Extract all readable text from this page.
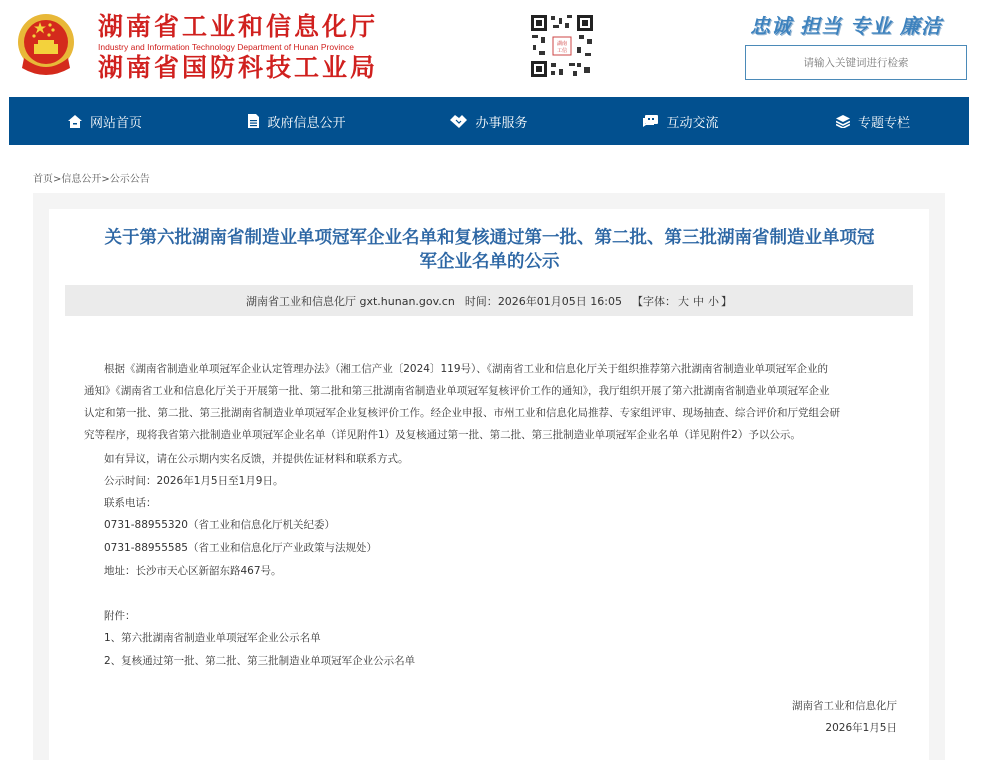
湖南省工业和信息化厅
Industry and Information Technology Department of Hunan Province
湖南省国防科技工业局
湖南
工信
忠诚 担当 专业 廉洁
请输入关键词进行检索
网站首页	政府信息公开	办事服务	互动交流	专题专栏
首页>信息公开>公示公告
关于第六批湖南省制造业单项冠军企业名单和复核通过第一批、第二批、第三批湖南省制造业单项冠
军企业名单的公示
湖南省工业和信息化厅 gxt.hunan.gov.cn 时间：2026年01月05日 16:05 【字体： 大 中 小 】
根据《湖南省制造业单项冠军企业认定管理办法》（湘工信产业〔2024〕119号）、《湖南省工业和信息化厅关于组织推荐第六批湖南省制造业单项冠军企业的
通知》《湖南省工业和信息化厅关于开展第一批、第二批和第三批湖南省制造业单项冠军复核评价工作的通知》，我厅组织开展了第六批湖南省制造业单项冠军企业
认定和第一批、第二批、第三批湖南省制造业单项冠军企业复核评价工作。经企业申报、市州工业和信息化局推荐、专家组评审、现场抽查、综合评价和厅党组会研
究等程序，现将我省第六批制造业单项冠军企业名单（详见附件1）及复核通过第一批、第二批、第三批制造业单项冠军企业名单（详见附件2）予以公示。
如有异议，请在公示期内实名反馈，并提供佐证材料和联系方式。
公示时间：2026年1月5日至1月9日。
联系电话：
0731-88955320（省工业和信息化厅机关纪委）
0731-88955585（省工业和信息化厅产业政策与法规处）
地址：长沙市天心区新韶东路467号。
附件：
1、第六批湖南省制造业单项冠军企业公示名单
2、复核通过第一批、第二批、第三批制造业单项冠军企业公示名单
湖南省工业和信息化厅
2026年1月5日
